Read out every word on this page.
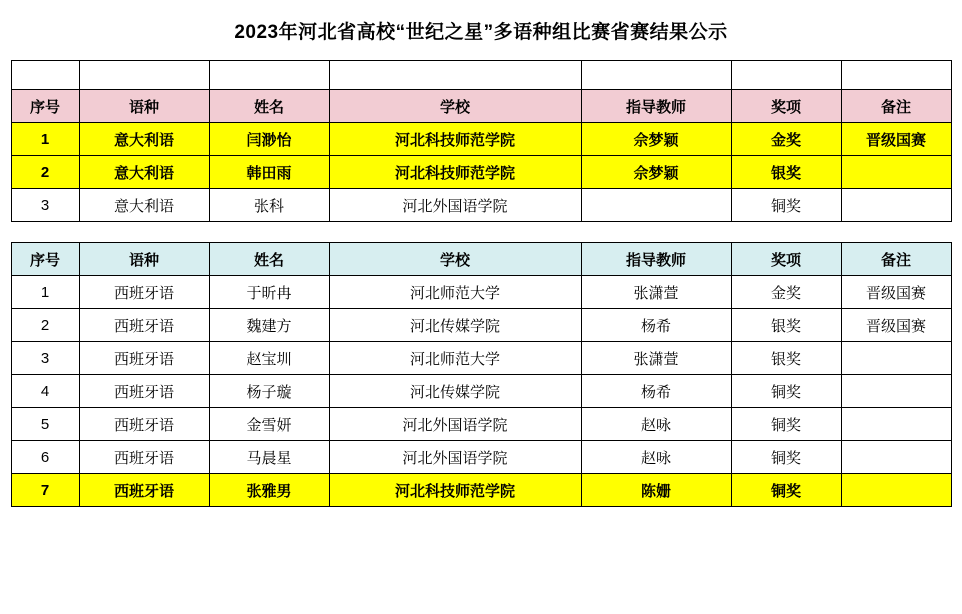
2023年河北省高校“世纪之星”多语种组比赛省赛结果公示

序号	语种	姓名	学校	指导教师	奖项	备注
1	意大利语	闫渺怡	河北科技师范学院	佘梦颖	金奖	晋级国赛
2	意大利语	韩田雨	河北科技师范学院	佘梦颖	银奖	
3	意大利语	张科	河北外国语学院		铜奖	

序号	语种	姓名	学校	指导教师	奖项	备注
1	西班牙语	于昕冉	河北师范大学	张潇萱	金奖	晋级国赛
2	西班牙语	魏建方	河北传媒学院	杨希	银奖	晋级国赛
3	西班牙语	赵宝圳	河北师范大学	张潇萱	银奖	
4	西班牙语	杨子璇	河北传媒学院	杨希	铜奖	
5	西班牙语	金雪妍	河北外国语学院	赵咏	铜奖	
6	西班牙语	马晨星	河北外国语学院	赵咏	铜奖	
7	西班牙语	张雅男	河北科技师范学院	陈姗	铜奖	
